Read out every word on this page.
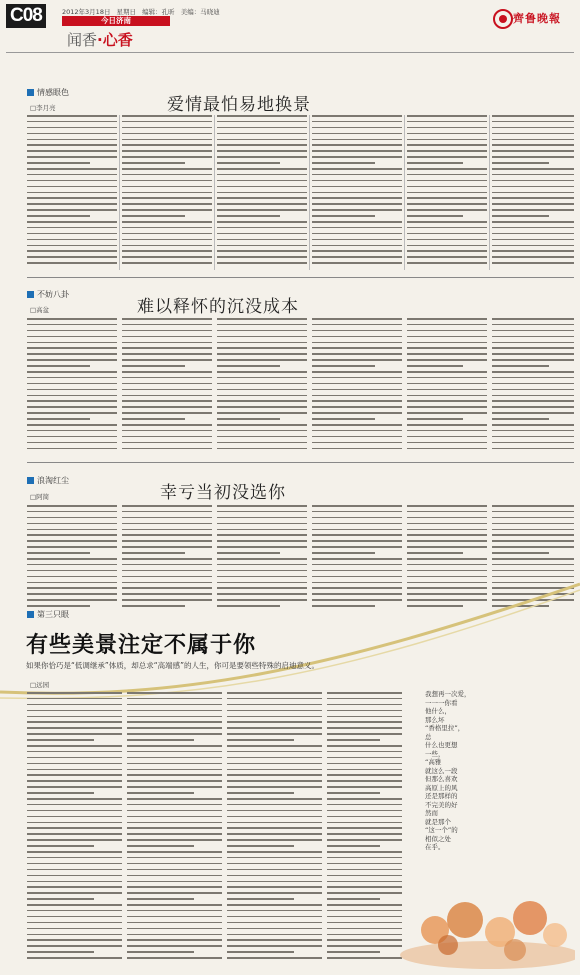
C08	2012年3月18日 星期日 编辑：孔昕 美编：马晓迪
今日济南
闻香·心香
齊鲁晚報
情感眼色
□李月亮	爱情最怕易地换景
不妨八卦
□高盆	难以释怀的沉没成本
浪淘红尘
□阿简	幸亏当初没选你
第三只眼
有些美景注定不属于你
如果你恰巧是“低调继承”体质，却总求“高端感”的人生，你可是要领些特殊的启迪意义。
□远园
我想再一次爱，
一一一你看
他什么，
那么坏
“香格里拉”，
总
什么也更想
一些，
“高雅
就这么一段
但那么喜欢
高原上的风
还是那样的
不完美的好
然而
就是那个
“这一个”的
相似之处
在乎。
